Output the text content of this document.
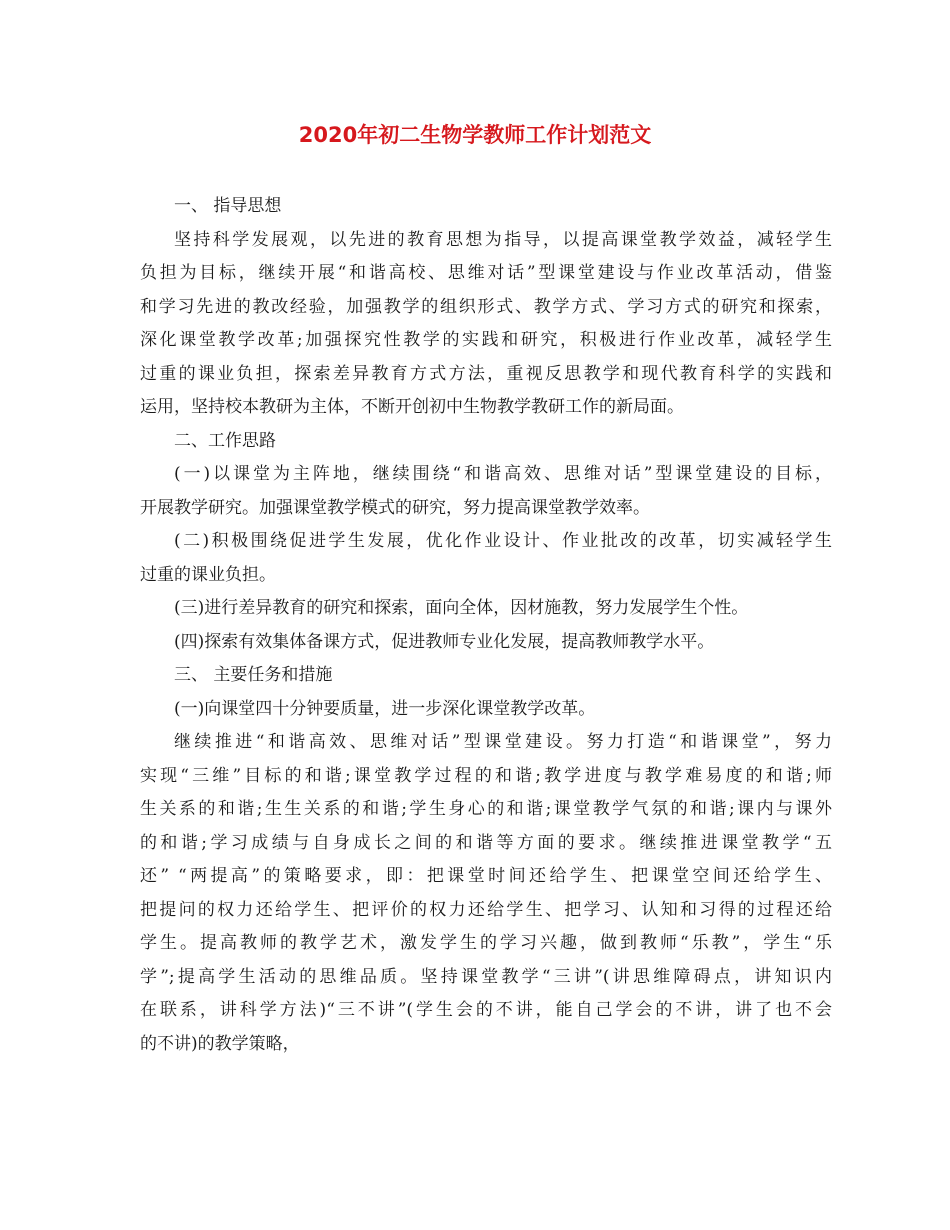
2020年初二生物学教师工作计划范文
一、 指导思想
坚持科学发展观，以先进的教育思想为指导，以提高课堂教学效益，减轻学生
负担为目标，继续开展“和谐高校、思维对话”型课堂建设与作业改革活动，借鉴
和学习先进的教改经验，加强教学的组织形式、教学方式、学习方式的研究和探索，
深化课堂教学改革;加强探究性教学的实践和研究，积极进行作业改革，减轻学生
过重的课业负担，探索差异教育方式方法，重视反思教学和现代教育科学的实践和
运用，坚持校本教研为主体，不断开创初中生物教学教研工作的新局面。
二、工作思路
(一)以课堂为主阵地，继续围绕“和谐高效、思维对话”型课堂建设的目标，
开展教学研究。加强课堂教学模式的研究，努力提高课堂教学效率。
(二)积极围绕促进学生发展，优化作业设计、作业批改的改革，切实减轻学生
过重的课业负担。
(三)进行差异教育的研究和探索，面向全体，因材施教，努力发展学生个性。
(四)探索有效集体备课方式，促进教师专业化发展，提高教师教学水平。
三、 主要任务和措施
(一)向课堂四十分钟要质量，进一步深化课堂教学改革。
继续推进“和谐高效、思维对话”型课堂建设。努力打造“和谐课堂”，努力
实现“三维”目标的和谐;课堂教学过程的和谐;教学进度与教学难易度的和谐;师
生关系的和谐;生生关系的和谐;学生身心的和谐;课堂教学气氛的和谐;课内与课外
的和谐;学习成绩与自身成长之间的和谐等方面的要求。继续推进课堂教学“五
还” “两提高”的策略要求，即：把课堂时间还给学生、把课堂空间还给学生、
把提问的权力还给学生、把评价的权力还给学生、把学习、认知和习得的过程还给
学生。提高教师的教学艺术，激发学生的学习兴趣，做到教师“乐教”，学生“乐
学”;提高学生活动的思维品质。坚持课堂教学“三讲”(讲思维障碍点，讲知识内
在联系，讲科学方法)“三不讲”(学生会的不讲，能自己学会的不讲，讲了也不会
的不讲)的教学策略，
